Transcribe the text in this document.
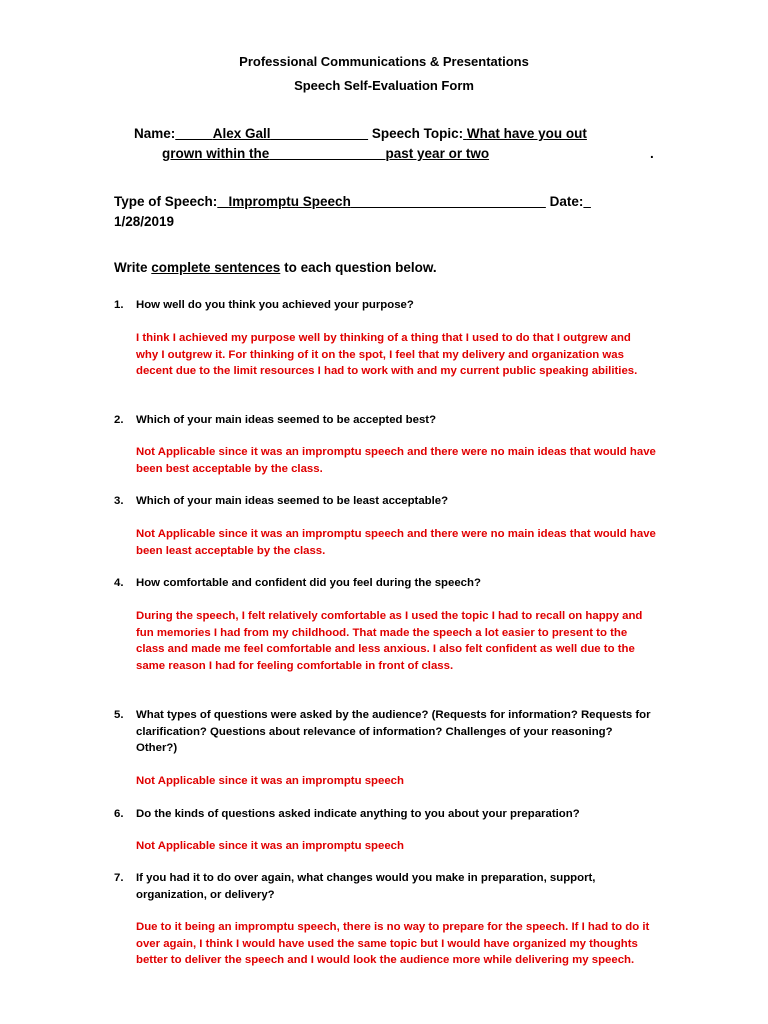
Professional Communications & Presentations
Speech Self-Evaluation Form
Name:	Alex Gall	Speech Topic: What have you out
grown within the	past year or two	.
Type of Speech: Impromptu Speech	Date:
1/28/2019
Write complete sentences to each question below.
1. How well do you think you achieved your purpose?
I think I achieved my purpose well by thinking of a thing that I used to do that I outgrew and why I outgrew it. For thinking of it on the spot, I feel that my delivery and organization was decent due to the limit resources I had to work with and my current public speaking abilities.
2. Which of your main ideas seemed to be accepted best?
Not Applicable since it was an impromptu speech and there were no main ideas that would have been best acceptable by the class.
3. Which of your main ideas seemed to be least acceptable?
Not Applicable since it was an impromptu speech and there were no main ideas that would have been least acceptable by the class.
4. How comfortable and confident did you feel during the speech?
During the speech, I felt relatively comfortable as I used the topic I had to recall on happy and fun memories I had from my childhood. That made the speech a lot easier to present to the class and made me feel comfortable and less anxious. I also felt confident as well due to the same reason I had for feeling comfortable in front of class.
5. What types of questions were asked by the audience? (Requests for information? Requests for clarification? Questions about relevance of information? Challenges of your reasoning? Other?)
Not Applicable since it was an impromptu speech
6. Do the kinds of questions asked indicate anything to you about your preparation?
Not Applicable since it was an impromptu speech
7. If you had it to do over again, what changes would you make in preparation, support, organization, or delivery?
Due to it being an impromptu speech, there is no way to prepare for the speech. If I had to do it over again, I think I would have used the same topic but I would have organized my thoughts better to deliver the speech and I would look the audience more while delivering my speech.
